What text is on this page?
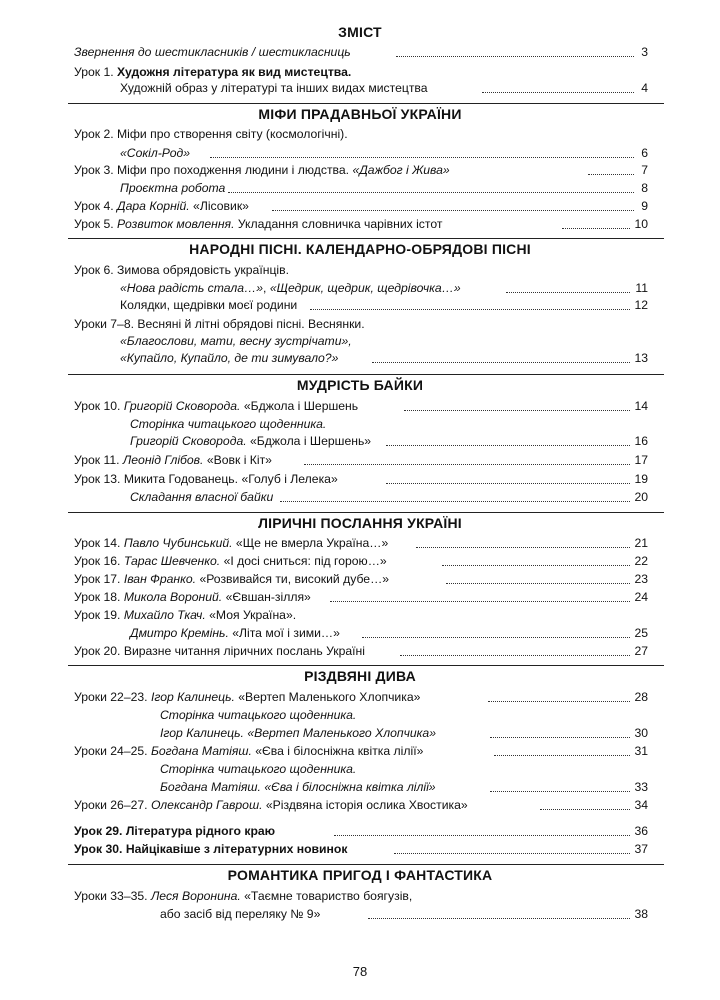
ЗМІСТ
Звернення до шестикласників / шестикласниць	3
Урок 1. Художня література як вид мистецтва.
Художній образ у літературі та інших видах мистецтва	4
МІФИ ПРАДАВНЬОЇ УКРАЇНИ
Урок 2. Міфи про створення світу (космологічні).
«Сокіл-Род»	6
Урок 3. Міфи про походження людини і людства. «Дажбог і Жива»	7
Проєктна робота	8
Урок 4. Дара Корній. «Лісовик»	9
Урок 5. Розвиток мовлення. Укладання словничка чарівних істот	10
НАРОДНІ ПІСНІ. КАЛЕНДАРНО-ОБРЯДОВІ ПІСНІ
Урок 6. Зимова обрядовість українців.
«Нова радість стала…», «Щедрик, щедрик, щедрівочка…»	11
Колядки, щедрівки моєї родини	12
Уроки 7–8. Весняні й літні обрядові пісні. Веснянки.
«Благослови, мати, весну зустрічати»,
«Купайло, Купайло, де ти зимувало?»	13
МУДРІСТЬ БАЙКИ
Урок 10. Григорій Сковорода. «Бджола і Шершень	14
Сторінка читацького щоденника.
Григорій Сковорода. «Бджола і Шершень»	16
Урок 11. Леонід Глібов. «Вовк і Кіт»	17
Урок 13. Микита Годованець. «Голуб і Лелека»	19
Складання власної байки	20
ЛІРИЧНІ ПОСЛАННЯ УКРАЇНІ
Урок 14. Павло Чубинський. «Ще не вмерла Україна…»	21
Урок 16. Тарас Шевченко. «І досі сниться: під горою…»	22
Урок 17. Іван Франко. «Розвивайся ти, високий дубе…»	23
Урок 18. Микола Вороний. «Євшан-зілля»	24
Урок 19. Михайло Ткач. «Моя Україна».
Дмитро Кремінь. «Літа мої і зими…»	25
Урок 20. Виразне читання ліричних послань Україні	27
РІЗДВЯНІ ДИВА
Уроки 22–23. Ігор Калинець. «Вертеп Маленького Хлопчика»	28
Сторінка читацького щоденника.
Ігор Калинець. «Вертеп Маленького Хлопчика»	30
Уроки 24–25. Богдана Матіяш. «Єва і білосніжна квітка лілії»	31
Сторінка читацького щоденника.
Богдана Матіяш. «Єва і білосніжна квітка лілії»	33
Уроки 26–27. Олександр Гаврош. «Різдвяна історія ослика Хвостика»	34
Урок 29. Література рідного краю	36
Урок 30. Найцікавіше з літературних новинок	37
РОМАНТИКА ПРИГОД І ФАНТАСТИКА
Уроки 33–35. Леся Воронина. «Таємне товариство боягузів,
або засіб від переляку № 9»	38
78
